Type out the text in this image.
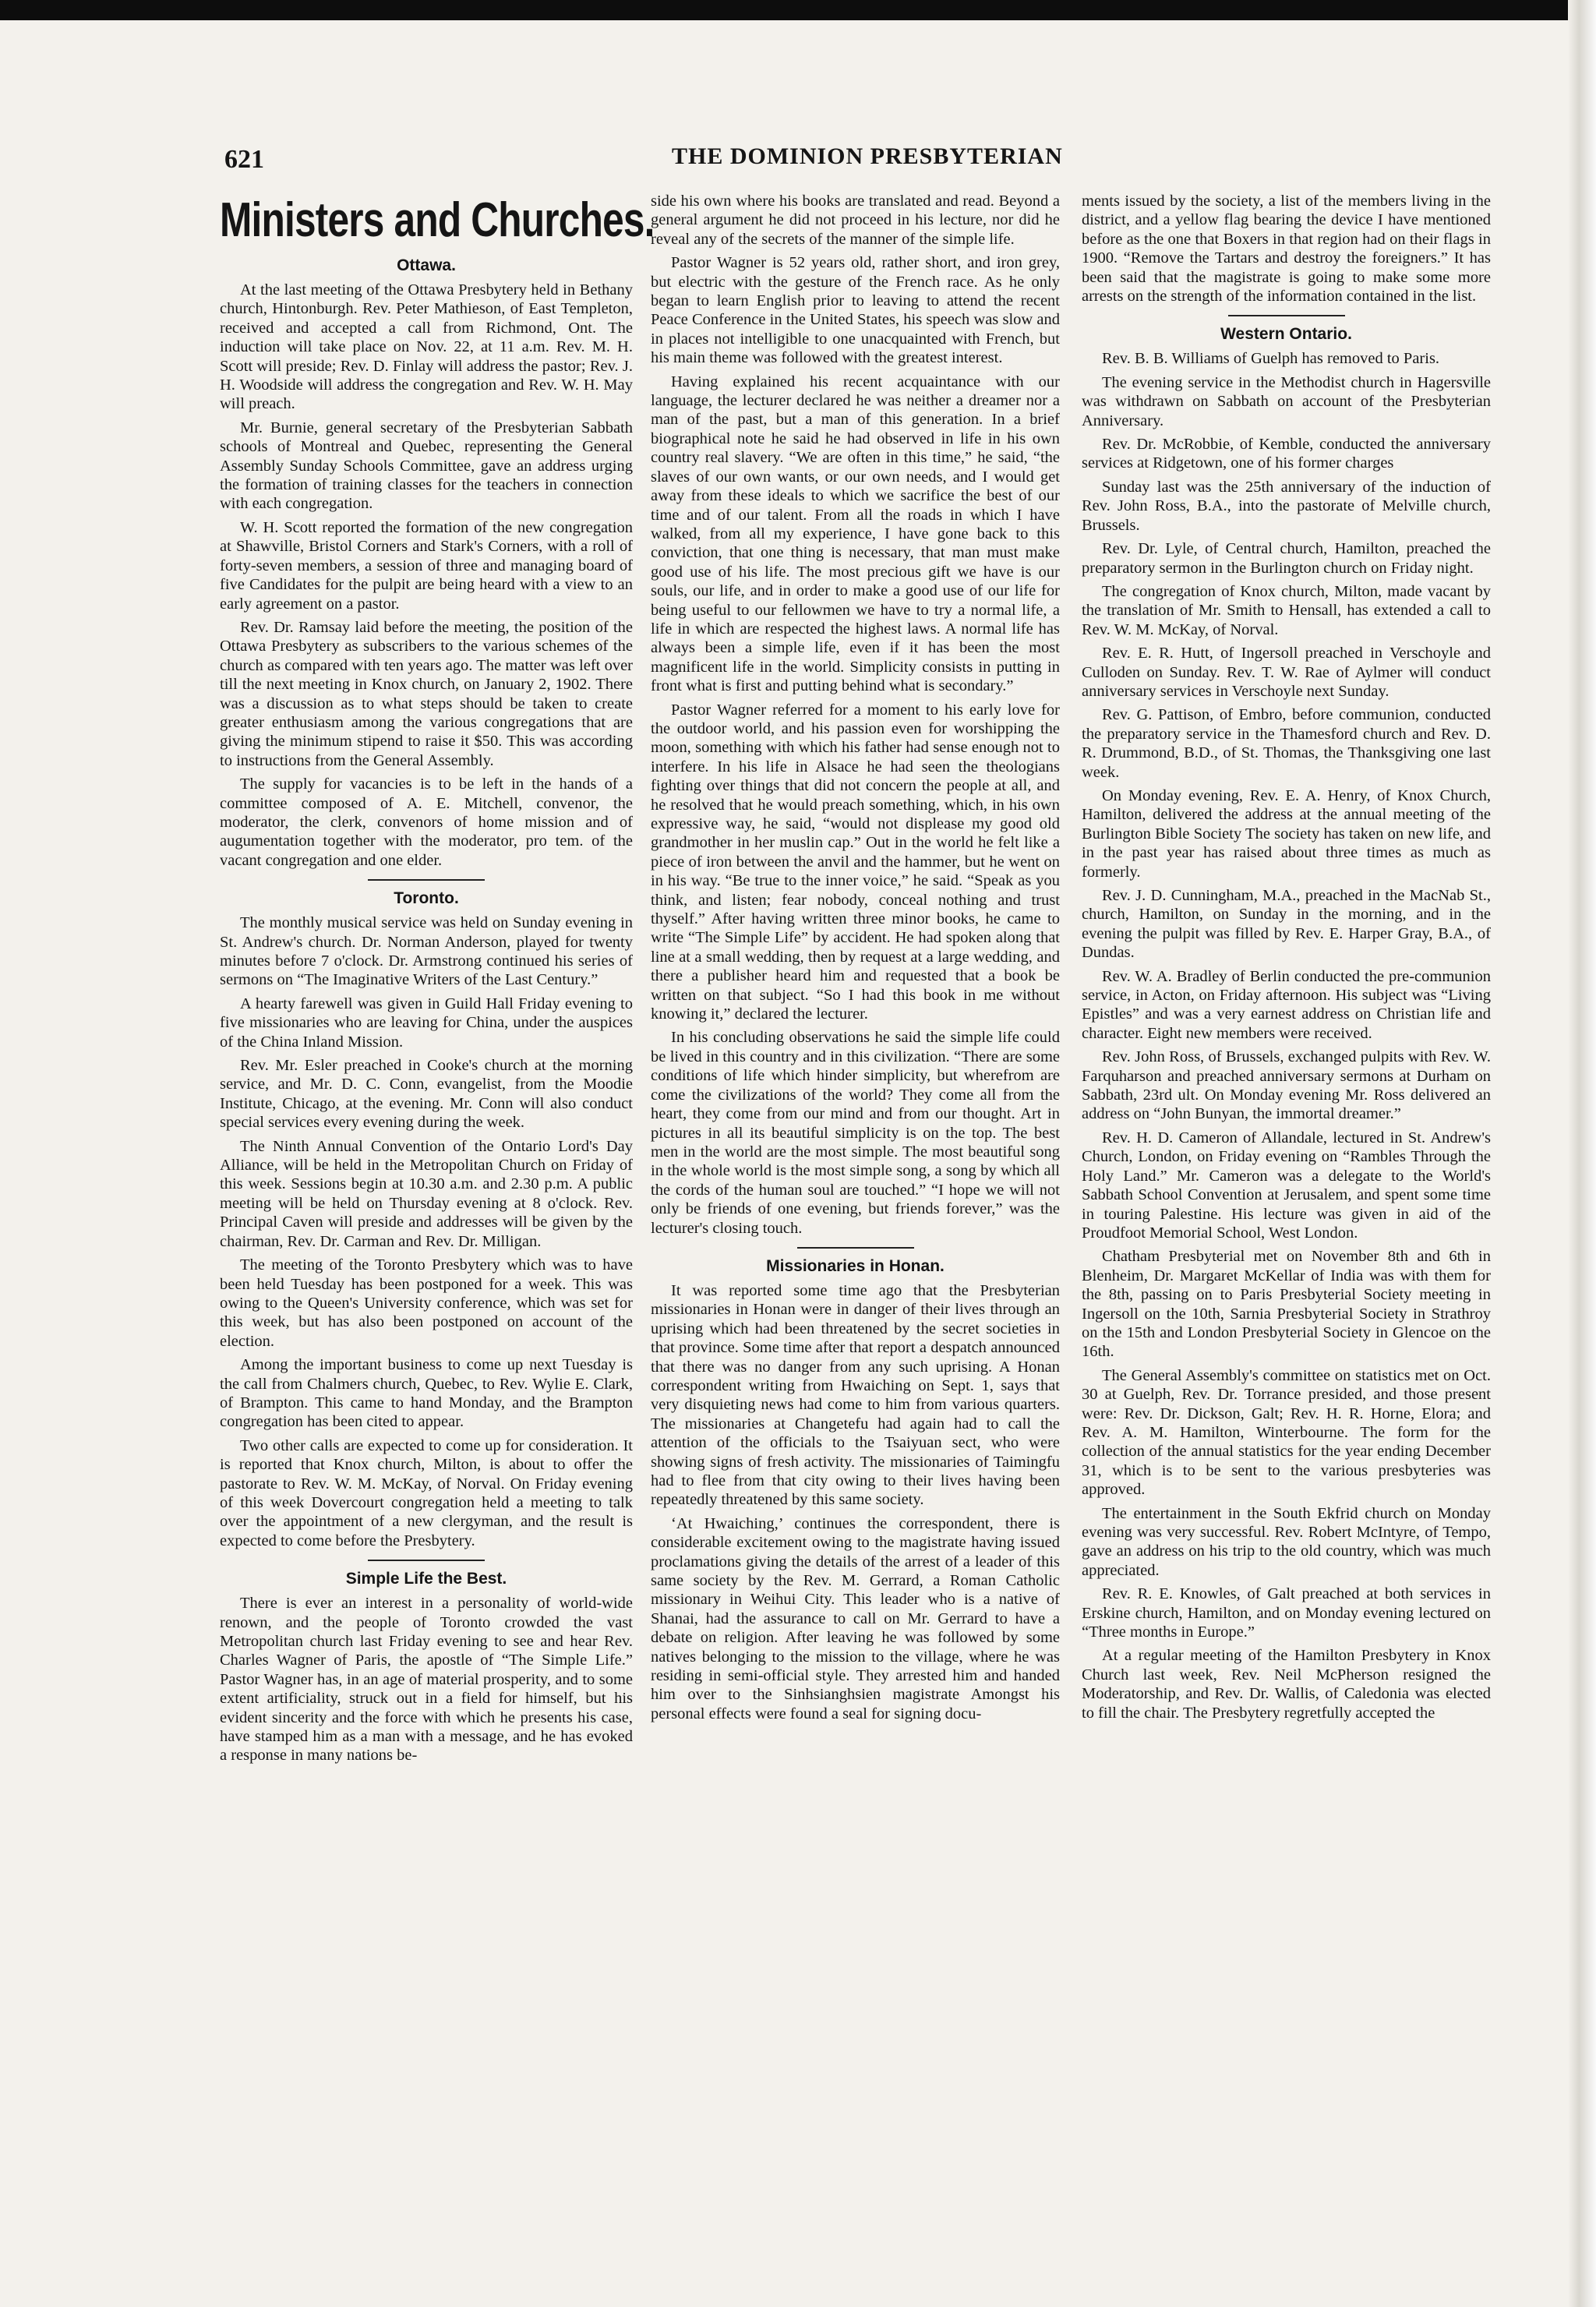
621	THE DOMINION PRESBYTERIAN
Ministers and Churches.
Ottawa.

At the last meeting of the Ottawa Presbytery held in Bethany church, Hintonburgh. Rev. Peter Mathieson, of East Templeton, received and accepted a call from Richmond, Ont. The induction will take place on Nov. 22, at 11 a.m. Rev. M. H. Scott will preside; Rev. D. Finlay will address the pastor; Rev. J. H. Woodside will address the congregation and Rev. W. H. May will preach.

Mr. Burnie, general secretary of the Presbyterian Sabbath schools of Montreal and Quebec, representing the General Assembly Sunday Schools Committee, gave an address urging the formation of training classes for the teachers in connection with each congregation.

W. H. Scott reported the formation of the new congregation at Shawville, Bristol Corners and Stark's Corners, with a roll of forty-seven members, a session of three and managing board of five Candidates for the pulpit are being heard with a view to an early agreement on a pastor.

Rev. Dr. Ramsay laid before the meeting, the position of the Ottawa Presbytery as subscribers to the various schemes of the church as compared with ten years ago. The matter was left over till the next meeting in Knox church, on January 2, 1902. There was a discussion as to what steps should be taken to create greater enthusiasm among the various congregations that are giving the minimum stipend to raise it $50. This was according to instructions from the General Assembly.

The supply for vacancies is to be left in the hands of a committee composed of A. E. Mitchell, convenor, the moderator, the clerk, convenors of home mission and of augumentation together with the moderator, pro tem. of the vacant congregation and one elder.

Toronto.

The monthly musical service was held on Sunday evening in St. Andrew's church. Dr. Norman Anderson, played for twenty minutes before 7 o'clock. Dr. Armstrong continued his series of sermons on “The Imaginative Writers of the Last Century.”

A hearty farewell was given in Guild Hall Friday evening to five missionaries who are leaving for China, under the auspices of the China Inland Mission.

Rev. Mr. Esler preached in Cooke's church at the morning service, and Mr. D. C. Conn, evangelist, from the Moodie Institute, Chicago, at the evening. Mr. Conn will also conduct special services every evening during the week.

The Ninth Annual Convention of the Ontario Lord's Day Alliance, will be held in the Metropolitan Church on Friday of this week. Sessions begin at 10.30 a.m. and 2.30 p.m. A public meeting will be held on Thursday evening at 8 o'clock. Rev. Principal Caven will preside and addresses will be given by the chairman, Rev. Dr. Carman and Rev. Dr. Milligan.

The meeting of the Toronto Presbytery which was to have been held Tuesday has been postponed for a week. This was owing to the Queen's University conference, which was set for this week, but has also been postponed on account of the election.

Among the important business to come up next Tuesday is the call from Chalmers church, Quebec, to Rev. Wylie E. Clark, of Brampton. This came to hand Monday, and the Brampton congregation has been cited to appear.

Two other calls are expected to come up for consideration. It is reported that Knox church, Milton, is about to offer the pastorate to Rev. W. M. McKay, of Norval. On Friday evening of this week Dovercourt congregation held a meeting to talk over the appointment of a new clergyman, and the result is expected to come before the Presbytery.

Simple Life the Best.

There is ever an interest in a personality of world-wide renown, and the people of Toronto crowded the vast Metropolitan church last Friday evening to see and hear Rev. Charles Wagner of Paris, the apostle of “The Simple Life.” Pastor Wagner has, in an age of material prosperity, and to some extent artificiality, struck out in a field for himself, but his evident sincerity and the force with which he presents his case, have stamped him as a man with a message, and he has evoked a response in many nations be-

side his own where his books are translated and read. Beyond a general argument he did not proceed in his lecture, nor did he reveal any of the secrets of the manner of the simple life.

Pastor Wagner is 52 years old, rather short, and iron grey, but electric with the gesture of the French race. As he only began to learn English prior to leaving to attend the recent Peace Conference in the United States, his speech was slow and in places not intelligible to one unacquainted with French, but his main theme was followed with the greatest interest.

Having explained his recent acquaintance with our language, the lecturer declared he was neither a dreamer nor a man of the past, but a man of this generation. In a brief biographical note he said he had observed in life in his own country real slavery. “We are often in this time,” he said, “the slaves of our own wants, or our own needs, and I would get away from these ideals to which we sacrifice the best of our time and of our talent. From all the roads in which I have walked, from all my experience, I have gone back to this conviction, that one thing is necessary, that man must make good use of his life. The most precious gift we have is our souls, our life, and in order to make a good use of our life for being useful to our fellowmen we have to try a normal life, a life in which are respected the highest laws. A normal life has always been a simple life, even if it has been the most magnificent life in the world. Simplicity consists in putting in front what is first and putting behind what is secondary.”

Pastor Wagner referred for a moment to his early love for the outdoor world, and his passion even for worshipping the moon, something with which his father had sense enough not to interfere. In his life in Alsace he had seen the theologians fighting over things that did not concern the people at all, and he resolved that he would preach something, which, in his own expressive way, he said, “would not displease my good old grandmother in her muslin cap.” Out in the world he felt like a piece of iron between the anvil and the hammer, but he went on in his way. “Be true to the inner voice,” he said. “Speak as you think, and listen; fear nobody, conceal nothing and trust thyself.” After having written three minor books, he came to write “The Simple Life” by accident. He had spoken along that line at a small wedding, then by request at a large wedding, and there a publisher heard him and requested that a book be written on that subject. “So I had this book in me without knowing it,” declared the lecturer.

In his concluding observations he said the simple life could be lived in this country and in this civilization. “There are some conditions of life which hinder simplicity, but wherefrom are come the civilizations of the world? They come all from the heart, they come from our mind and from our thought. Art in pictures in all its beautiful simplicity is on the top. The best men in the world are the most simple. The most beautiful song in the whole world is the most simple song, a song by which all the cords of the human soul are touched.” “I hope we will not only be friends of one evening, but friends forever,” was the lecturer's closing touch.

Missionaries in Honan.

It was reported some time ago that the Presbyterian missionaries in Honan were in danger of their lives through an uprising which had been threatened by the secret societies in that province. Some time after that report a despatch announced that there was no danger from any such uprising. A Honan correspondent writing from Hwaiching on Sept. 1, says that very disquieting news had come to him from various quarters. The missionaries at Changetefu had again had to call the attention of the officials to the Tsaiyuan sect, who were showing signs of fresh activity. The missionaries of Taimingfu had to flee from that city owing to their lives having been repeatedly threatened by this same society.

‘At Hwaiching,’ continues the correspondent, there is considerable excitement owing to the magistrate having issued proclamations giving the details of the arrest of a leader of this same society by the Rev. M. Gerrard, a Roman Catholic missionary in Weihui City. This leader who is a native of Shanai, had the assurance to call on Mr. Gerrard to have a debate on religion. After leaving he was followed by some natives belonging to the mission to the village, where he was residing in semi-official style. They arrested him and handed him over to the Sinhsianghsien magistrate Amongst his personal effects were found a seal for signing docu-

ments issued by the society, a list of the members living in the district, and a yellow flag bearing the device I have mentioned before as the one that Boxers in that region had on their flags in 1900. “Remove the Tartars and destroy the foreigners.” It has been said that the magistrate is going to make some more arrests on the strength of the information contained in the list.

Western Ontario.

Rev. B. B. Williams of Guelph has removed to Paris.

The evening service in the Methodist church in Hagersville was withdrawn on Sabbath on account of the Presbyterian Anniversary.

Rev. Dr. McRobbie, of Kemble, conducted the anniversary services at Ridgetown, one of his former charges

Sunday last was the 25th anniversary of the induction of Rev. John Ross, B.A., into the pastorate of Melville church, Brussels.

Rev. Dr. Lyle, of Central church, Hamilton, preached the preparatory sermon in the Burlington church on Friday night.

The congregation of Knox church, Milton, made vacant by the translation of Mr. Smith to Hensall, has extended a call to Rev. W. M. McKay, of Norval.

Rev. E. R. Hutt, of Ingersoll preached in Verschoyle and Culloden on Sunday. Rev. T. W. Rae of Aylmer will conduct anniversary services in Verschoyle next Sunday.

Rev. G. Pattison, of Embro, before communion, conducted the preparatory service in the Thamesford church and Rev. D. R. Drummond, B.D., of St. Thomas, the Thanksgiving one last week.

On Monday evening, Rev. E. A. Henry, of Knox Church, Hamilton, delivered the address at the annual meeting of the Burlington Bible Society The society has taken on new life, and in the past year has raised about three times as much as formerly.

Rev. J. D. Cunningham, M.A., preached in the MacNab St., church, Hamilton, on Sunday in the morning, and in the evening the pulpit was filled by Rev. E. Harper Gray, B.A., of Dundas.

Rev. W. A. Bradley of Berlin conducted the pre-communion service, in Acton, on Friday afternoon. His subject was “Living Epistles” and was a very earnest address on Christian life and character. Eight new members were received.

Rev. John Ross, of Brussels, exchanged pulpits with Rev. W. Farquharson and preached anniversary sermons at Durham on Sabbath, 23rd ult. On Monday evening Mr. Ross delivered an address on “John Bunyan, the immortal dreamer.”

Rev. H. D. Cameron of Allandale, lectured in St. Andrew's Church, London, on Friday evening on “Rambles Through the Holy Land.” Mr. Cameron was a delegate to the World's Sabbath School Convention at Jerusalem, and spent some time in touring Palestine. His lecture was given in aid of the Proudfoot Memorial School, West London.

Chatham Presbyterial met on November 8th and 6th in Blenheim, Dr. Margaret McKellar of India was with them for the 8th, passing on to Paris Presbyterial Society meeting in Ingersoll on the 10th, Sarnia Presbyterial Society in Strathroy on the 15th and London Presbyterial Society in Glencoe on the 16th.

The General Assembly's committee on statistics met on Oct. 30 at Guelph, Rev. Dr. Torrance presided, and those present were: Rev. Dr. Dickson, Galt; Rev. H. R. Horne, Elora; and Rev. A. M. Hamilton, Winterbourne. The form for the collection of the annual statistics for the year ending December 31, which is to be sent to the various presbyteries was approved.

The entertainment in the South Ekfrid church on Monday evening was very successful. Rev. Robert McIntyre, of Tempo, gave an address on his trip to the old country, which was much appreciated.

Rev. R. E. Knowles, of Galt preached at both services in Erskine church, Hamilton, and on Monday evening lectured on “Three months in Europe.”

At a regular meeting of the Hamilton Presbytery in Knox Church last week, Rev. Neil McPherson resigned the Moderatorship, and Rev. Dr. Wallis, of Caledonia was elected to fill the chair. The Presbytery regretfully accepted the
